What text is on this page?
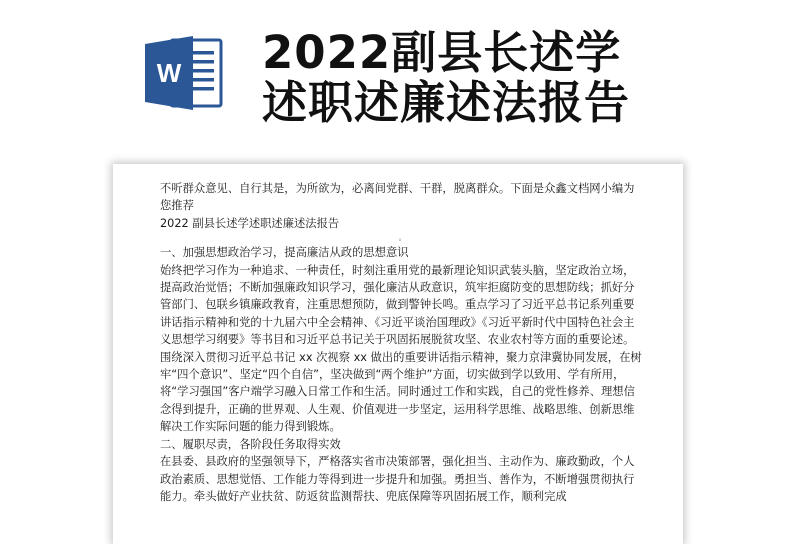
W 2022副县长述学
述职述廉述法报告

不听群众意见、自行其是，为所欲为，必离间党群、干群，脱离群众。下面是众鑫文档网小编为您推荐

2022 副县长述学述职述廉述法报告

。

一、加强思想政治学习，提高廉洁从政的思想意识

始终把学习作为一种追求、一种责任，时刻注重用党的最新理论知识武装头脑，坚定政治立场，提高政治觉悟；不断加强廉政知识学习，强化廉洁从政意识，筑牢拒腐防变的思想防线；抓好分管部门、包联乡镇廉政教育，注重思想预防，做到警钟长鸣。重点学习了习近平总书记系列重要讲话指示精神和党的十九届六中全会精神、《习近平谈治国理政》《习近平新时代中国特色社会主义思想学习纲要》等书目和习近平总书记关于巩固拓展脱贫攻坚、农业农村等方面的重要论述。围绕深入贯彻习近平总书记 xx 次视察 xx 做出的重要讲话指示精神，聚力京津冀协同发展，在树牢“四个意识”、坚定“四个自信”，坚决做到“两个维护”方面，切实做到学以致用、学有所用，将“学习强国”客户端学习融入日常工作和生活。同时通过工作和实践，自己的党性修养、理想信念得到提升，正确的世界观、人生观、价值观进一步坚定，运用科学思维、战略思维、创新思维解决工作实际问题的能力得到锻炼。

二、履职尽责，各阶段任务取得实效

在县委、县政府的坚强领导下，严格落实省市决策部署，强化担当、主动作为、廉政勤政，个人政治素质、思想觉悟、工作能力等得到进一步提升和加强。勇担当、善作为，不断增强贯彻执行能力。牵头做好产业扶贫、防返贫监测帮扶、兜底保障等巩固拓展工作，顺利完成
